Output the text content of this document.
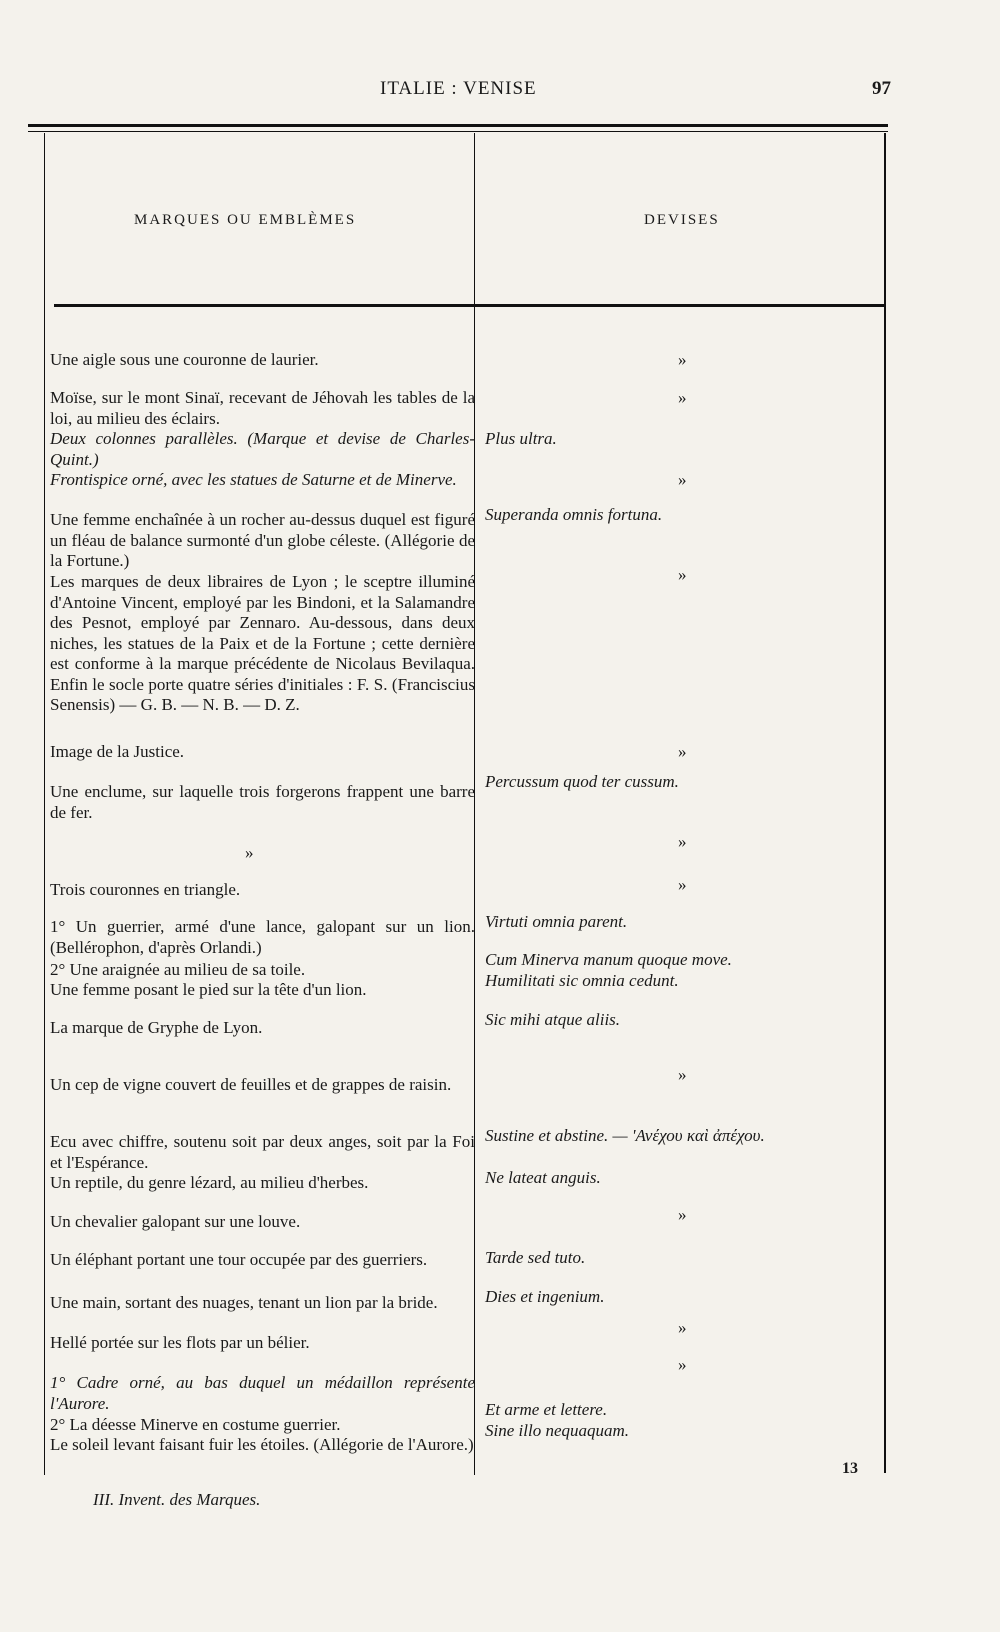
ITALIE : VENISE	97
MARQUES OU EMBLÈMES	DEVISES
Une aigle sous une couronne de laurier.
Moïse, sur le mont Sinaï, recevant de Jéhovah les tables de la loi, au milieu des éclairs.
Deux colonnes parallèles. (Marque et devise de Charles-Quint.)
Frontispice orné, avec les statues de Saturne et de Minerve.
Une femme enchaînée à un rocher au-dessus duquel est figuré un fléau de balance surmonté d'un globe céleste. (Allégorie de la Fortune.)
Les marques de deux libraires de Lyon ; le sceptre illuminé d'Antoine Vincent, employé par les Bindoni, et la Salamandre des Pesnot, employé par Zennaro. Au-dessous, dans deux niches, les statues de la Paix et de la Fortune ; cette dernière est conforme à la marque précédente de Nicolaus Bevilaqua. Enfin le socle porte quatre séries d'initiales : F. S. (Franciscius Senensis) — G. B. — N. B. — D. Z.
Image de la Justice.
Une enclume, sur laquelle trois forgerons frappent une barre de fer.
»
Trois couronnes en triangle.
1° Un guerrier, armé d'une lance, galopant sur un lion. (Bellérophon, d'après Orlandi.)
2° Une araignée au milieu de sa toile.
Une femme posant le pied sur la tête d'un lion.
La marque de Gryphe de Lyon.
Un cep de vigne couvert de feuilles et de grappes de raisin.
Ecu avec chiffre, soutenu soit par deux anges, soit par la Foi et l'Espérance.
Un reptile, du genre lézard, au milieu d'herbes.
Un chevalier galopant sur une louve.
Un éléphant portant une tour occupée par des guerriers.
Une main, sortant des nuages, tenant un lion par la bride.
Hellé portée sur les flots par un bélier.
1° Cadre orné, au bas duquel un médaillon représente l'Aurore.
2° La déesse Minerve en costume guerrier.
Le soleil levant faisant fuir les étoiles. (Allégorie de l'Aurore.)
»
»
Plus ultra.
»
Superanda omnis fortuna.
»
»
Percussum quod ter cussum.
»
»
Virtuti omnia parent.
Cum Minerva manum quoque move.
Humilitati sic omnia cedunt.
Sic mihi atque aliis.
»
Sustine et abstine. — 'Ανέχου καὶ ἀπέχου.
Ne lateat anguis.
»
Tarde sed tuto.
Dies et ingenium.
»
»
Et arme et lettere.
Sine illo nequaquam.
III. Invent. des Marques.
13
